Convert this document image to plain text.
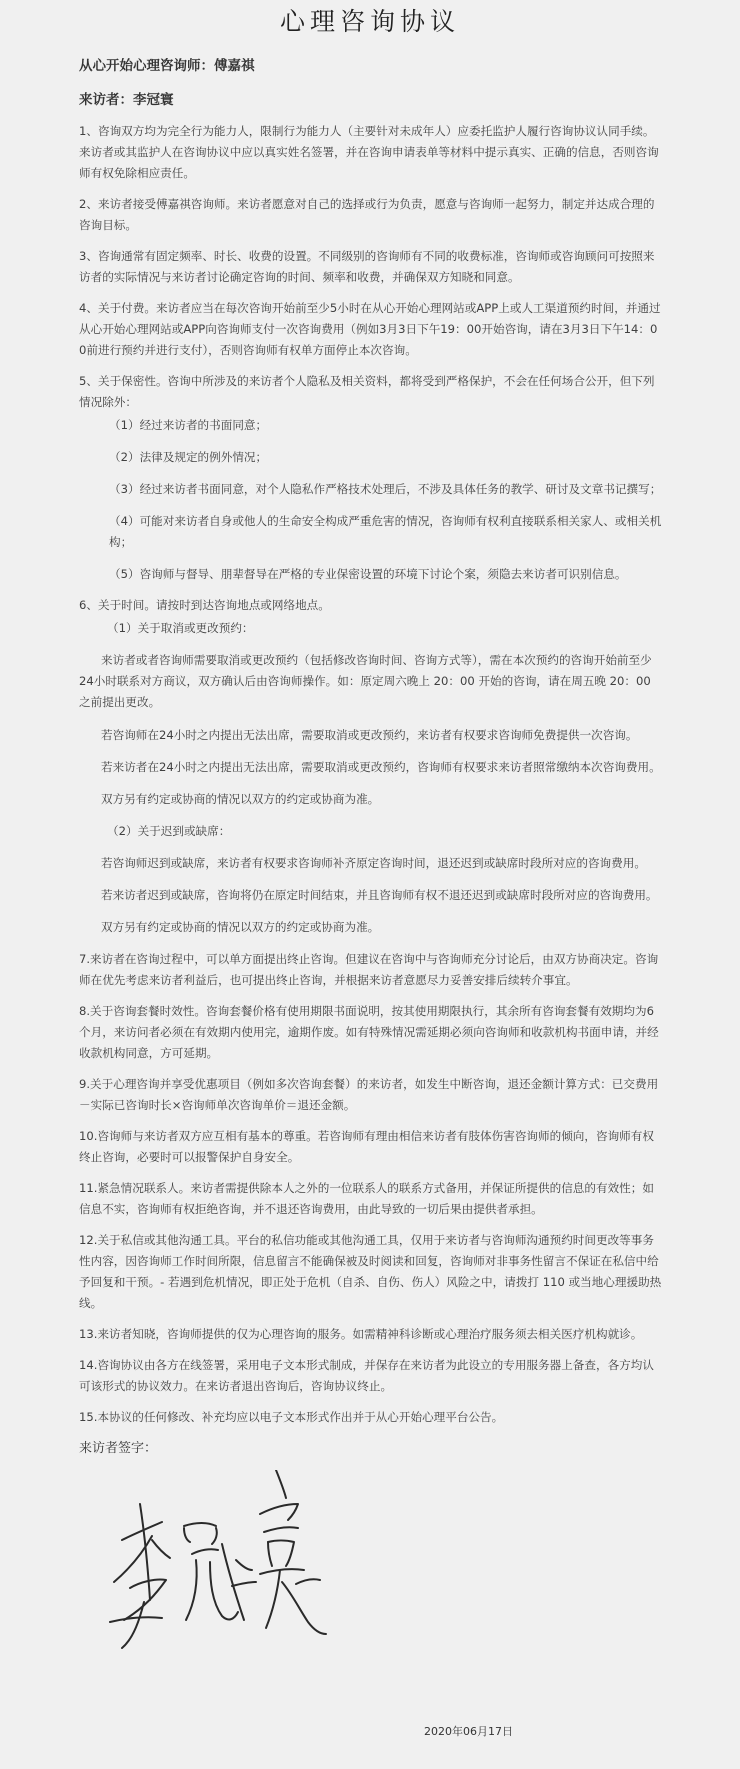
心理咨询协议
从心开始心理咨询师：傅嘉祺
来访者：李冠寰

1、咨询双方均为完全行为能力人，限制行为能力人（主要针对未成年人）应委托监护人履行咨询协议认同手续。来访者或其监护人在咨询协议中应以真实姓名签署，并在咨询申请表单等材料中提示真实、正确的信息，否则咨询师有权免除相应责任。

2、来访者接受傅嘉祺咨询师。来访者愿意对自己的选择或行为负责，愿意与咨询师一起努力，制定并达成合理的咨询目标。

3、咨询通常有固定频率、时长、收费的设置。不同级别的咨询师有不同的收费标准，咨询师或咨询顾问可按照来访者的实际情况与来访者讨论确定咨询的时间、频率和收费，并确保双方知晓和同意。

4、关于付费。来访者应当在每次咨询开始前至少5小时在从心开始心理网站或APP上或人工渠道预约时间，并通过从心开始心理网站或APP向咨询师支付一次咨询费用（例如3月3日下午19：00开始咨询，请在3月3日下午14：00前进行预约并进行支付），否则咨询师有权单方面停止本次咨询。

5、关于保密性。咨询中所涉及的来访者个人隐私及相关资料，都将受到严格保护，不会在任何场合公开，但下列情况除外：

（1）经过来访者的书面同意；

（2）法律及规定的例外情况；

（3）经过来访者书面同意，对个人隐私作严格技术处理后，不涉及具体任务的教学、研讨及文章书记撰写；

（4）可能对来访者自身或他人的生命安全构成严重危害的情况，咨询师有权利直接联系相关家人、或相关机构；

（5）咨询师与督导、朋辈督导在严格的专业保密设置的环境下讨论个案，须隐去来访者可识别信息。

6、关于时间。请按时到达咨询地点或网络地点。

（1）关于取消或更改预约：

来访者或者咨询师需要取消或更改预约（包括修改咨询时间、咨询方式等），需在本次预约的咨询开始前至少24小时联系对方商议，双方确认后由咨询师操作。如：原定周六晚上 20：00 开始的咨询，请在周五晚 20：00 之前提出更改。

若咨询师在24小时之内提出无法出席，需要取消或更改预约，来访者有权要求咨询师免费提供一次咨询。

若来访者在24小时之内提出无法出席，需要取消或更改预约，咨询师有权要求来访者照常缴纳本次咨询费用。

双方另有约定或协商的情况以双方的约定或协商为准。

（2）关于迟到或缺席：

若咨询师迟到或缺席，来访者有权要求咨询师补齐原定咨询时间，退还迟到或缺席时段所对应的咨询费用。

若来访者迟到或缺席，咨询将仍在原定时间结束，并且咨询师有权不退还迟到或缺席时段所对应的咨询费用。

双方另有约定或协商的情况以双方的约定或协商为准。

7.来访者在咨询过程中，可以单方面提出终止咨询。但建议在咨询中与咨询师充分讨论后，由双方协商决定。咨询师在优先考虑来访者利益后，也可提出终止咨询，并根据来访者意愿尽力妥善安排后续转介事宜。

8.关于咨询套餐时效性。咨询套餐价格有使用期限书面说明，按其使用期限执行，其余所有咨询套餐有效期均为6个月，来访问者必须在有效期内使用完，逾期作废。如有特殊情况需延期必须向咨询师和收款机构书面申请，并经收款机构同意，方可延期。

9.关于心理咨询并享受优惠项目（例如多次咨询套餐）的来访者，如发生中断咨询，退还金额计算方式：已交费用－实际已咨询时长×咨询师单次咨询单价＝退还金额。

10.咨询师与来访者双方应互相有基本的尊重。若咨询师有理由相信来访者有肢体伤害咨询师的倾向，咨询师有权终止咨询，必要时可以报警保护自身安全。

11.紧急情况联系人。来访者需提供除本人之外的一位联系人的联系方式备用，并保证所提供的信息的有效性；如信息不实，咨询师有权拒绝咨询，并不退还咨询费用，由此导致的一切后果由提供者承担。

12.关于私信或其他沟通工具。平台的私信功能或其他沟通工具，仅用于来访者与咨询师沟通预约时间更改等事务性内容，因咨询师工作时间所限，信息留言不能确保被及时阅读和回复，咨询师对非事务性留言不保证在私信中给予回复和干预。- 若遇到危机情况，即正处于危机（自杀、自伤、伤人）风险之中，请拨打 110 或当地心理援助热线。

13.来访者知晓，咨询师提供的仅为心理咨询的服务。如需精神科诊断或心理治疗服务须去相关医疗机构就诊。

14.咨询协议由各方在线签署，采用电子文本形式制成，并保存在来访者为此设立的专用服务器上备查，各方均认可该形式的协议效力。在来访者退出咨询后，咨询协议终止。

15.本协议的任何修改、补充均应以电子文本形式作出并于从心开始心理平台公告。

来访者签字：
2020年06月17日
